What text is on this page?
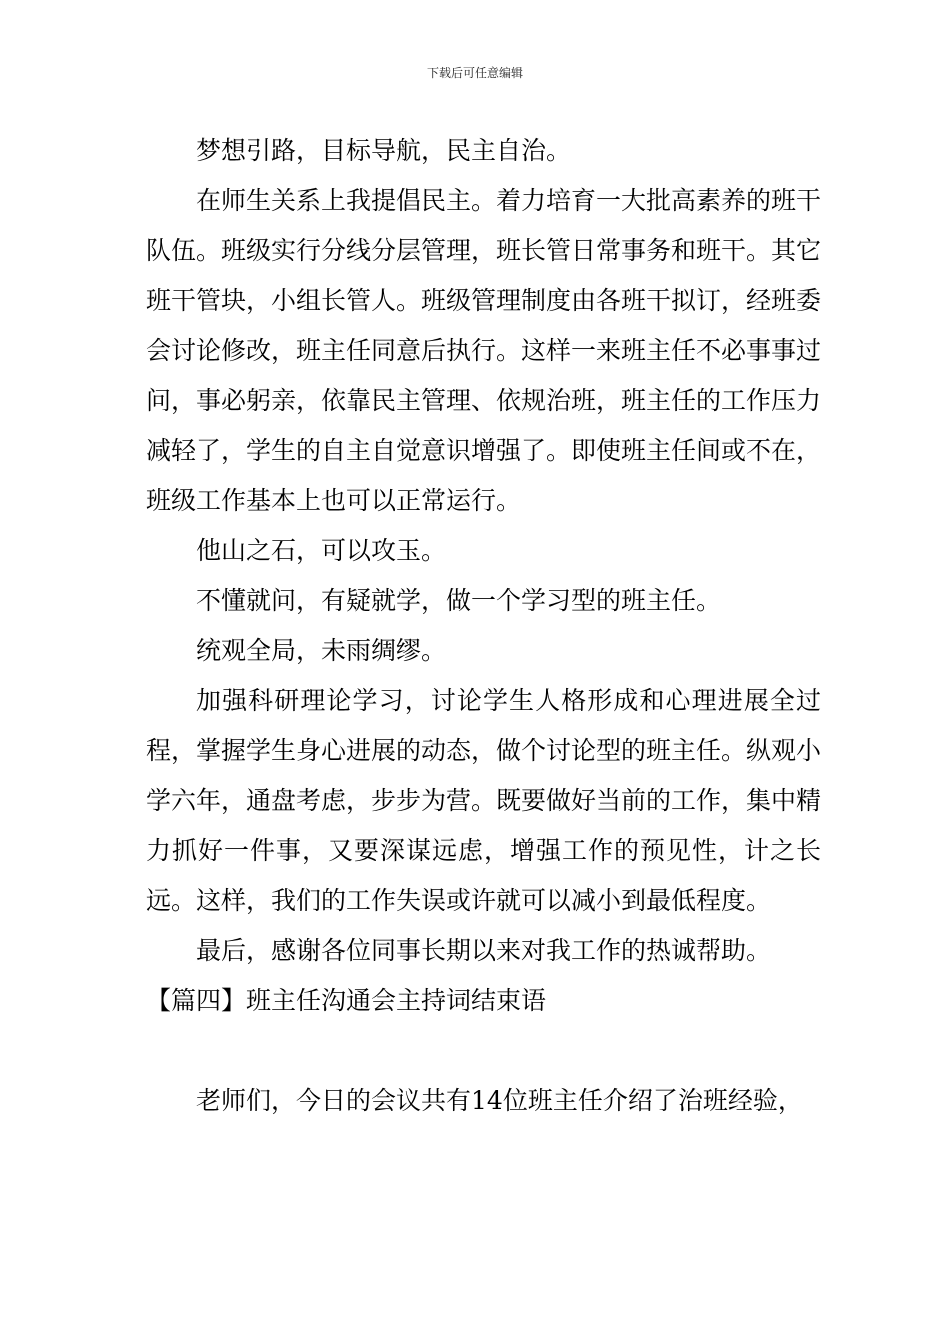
下载后可任意编辑

梦想引路，目标导航，民主自治。

在师生关系上我提倡民主。着力培育一大批高素养的班干队伍。班级实行分线分层管理，班长管日常事务和班干。其它班干管块，小组长管人。班级管理制度由各班干拟订，经班委会讨论修改，班主任同意后执行。这样一来班主任不必事事过问，事必躬亲，依靠民主管理、依规治班，班主任的工作压力减轻了，学生的自主自觉意识增强了。即使班主任间或不在，班级工作基本上也可以正常运行。

他山之石，可以攻玉。

不懂就问，有疑就学，做一个学习型的班主任。

统观全局，未雨绸缪。

加强科研理论学习，讨论学生人格形成和心理进展全过程，掌握学生身心进展的动态，做个讨论型的班主任。纵观小学六年，通盘考虑，步步为营。既要做好当前的工作，集中精力抓好一件事，又要深谋远虑，增强工作的预见性，计之长远。这样，我们的工作失误或许就可以减小到最低程度。

最后，感谢各位同事长期以来对我工作的热诚帮助。

【篇四】班主任沟通会主持词结束语

老师们，今日的会议共有14位班主任介绍了治班经验，
